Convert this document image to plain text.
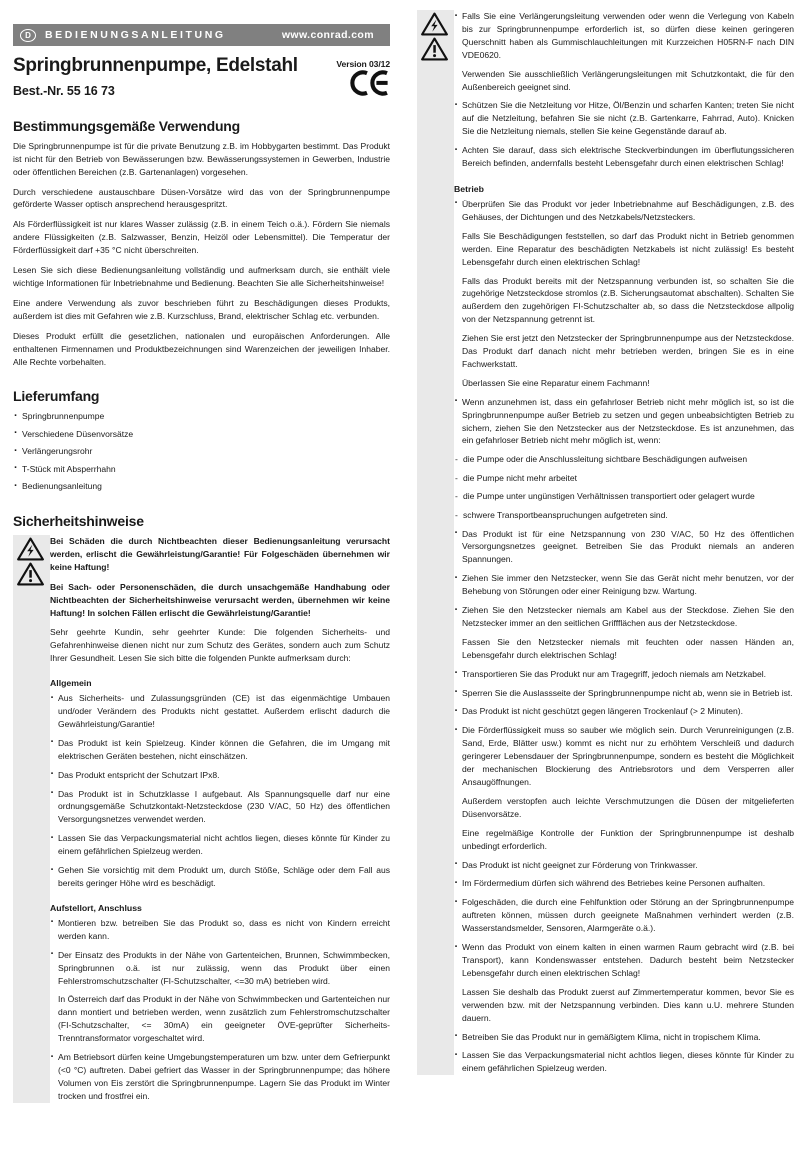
D	BEDIENUNGSANLEITUNG	www.conrad.com
Springbrunnenpumpe, Edelstahl
Best.-Nr. 55 16 73
Version 03/12
Bestimmungsgemäße Verwendung

Die Springbrunnenpumpe ist für die private Benutzung z.B. im Hobbygarten bestimmt. Das Produkt ist nicht für den Betrieb von Bewässerungen bzw. Bewässerungssystemen in Gewerben, Industrie oder öffentlichen Bereichen (z.B. Gartenanlagen) vorgesehen.

Durch verschiedene austauschbare Düsen-Vorsätze wird das von der Springbrunnenpumpe geförderte Wasser optisch ansprechend herausgespritzt.

Als Förderflüssigkeit ist nur klares Wasser zulässig (z.B. in einem Teich o.ä.). Fördern Sie niemals andere Flüssigkeiten (z.B. Salzwasser, Benzin, Heizöl oder Lebensmittel). Die Temperatur der Förderflüssigkeit darf +35 °C nicht überschreiten.

Lesen Sie sich diese Bedienungsanleitung vollständig und aufmerksam durch, sie enthält viele wichtige Informationen für Inbetriebnahme und Bedienung. Beachten Sie alle Sicherheitshinweise!

Eine andere Verwendung als zuvor beschrieben führt zu Beschädigungen dieses Produkts, außerdem ist dies mit Gefahren wie z.B. Kurzschluss, Brand, elektrischer Schlag etc. verbunden.

Dieses Produkt erfüllt die gesetzlichen, nationalen und europäischen Anforderungen. Alle enthaltenen Firmennamen und Produktbezeichnungen sind Warenzeichen der jeweiligen Inhaber. Alle Rechte vorbehalten.

Lieferumfang
· Springbrunnenpumpe
· Verschiedene Düsenvorsätze
· Verlängerungsrohr
· T-Stück mit Absperrhahn
· Bedienungsanleitung
Sicherheitshinweise

Bei Schäden die durch Nichtbeachten dieser Bedienungsanleitung verursacht werden, erlischt die Gewährleistung/Garantie! Für Folgeschäden übernehmen wir keine Haftung!

Bei Sach- oder Personenschäden, die durch unsachgemäße Handhabung oder Nichtbeachten der Sicherheitshinweise verursacht werden, übernehmen wir keine Haftung! In solchen Fällen erlischt die Gewährleistung/Garantie!

Sehr geehrte Kundin, sehr geehrter Kunde: Die folgenden Sicherheits- und Gefahrenhinweise dienen nicht nur zum Schutz des Gerätes, sondern auch zum Schutz Ihrer Gesundheit. Lesen Sie sich bitte die folgenden Punkte aufmerksam durch:

Allgemein
· Aus Sicherheits- und Zulassungsgründen (CE) ist das eigenmächtige Umbauen und/oder Verändern des Produkts nicht gestattet. Außerdem erlischt dadurch die Gewährleistung/Garantie!
· Das Produkt ist kein Spielzeug. Kinder können die Gefahren, die im Umgang mit elektrischen Geräten bestehen, nicht einschätzen.
· Das Produkt entspricht der Schutzart IPx8.
· Das Produkt ist in Schutzklasse I aufgebaut. Als Spannungsquelle darf nur eine ordnungsgemäße Schutzkontakt-Netzsteckdose (230 V/AC, 50 Hz) des öffentlichen Versorgungsnetzes verwendet werden.
· Lassen Sie das Verpackungsmaterial nicht achtlos liegen, dieses könnte für Kinder zu einem gefährlichen Spielzeug werden.
· Gehen Sie vorsichtig mit dem Produkt um, durch Stöße, Schläge oder dem Fall aus bereits geringer Höhe wird es beschädigt.
Aufstellort, Anschluss
· Montieren bzw. betreiben Sie das Produkt so, dass es nicht von Kindern erreicht werden kann.
· Der Einsatz des Produkts in der Nähe von Gartenteichen, Brunnen, Schwimmbecken, Springbrunnen o.ä. ist nur zulässig, wenn das Produkt über einen Fehlerstromschutzschalter (FI-Schutzschalter, <=30 mA) betrieben wird.
In Österreich darf das Produkt in der Nähe von Schwimmbecken und Gartenteichen nur dann montiert und betrieben werden, wenn zusätzlich zum Fehlerstromschutzschalter (FI-Schutzschalter, <= 30mA) ein geeigneter ÖVE-geprüfter Sicherheits-Trenntransformator vorgeschaltet wird.
· Am Betriebsort dürfen keine Umgebungstemperaturen um bzw. unter dem Gefrierpunkt (<0 °C) auftreten. Dabei gefriert das Wasser in der Springbrunnenpumpe; das höhere Volumen von Eis zerstört die Springbrunnenpumpe. Lagern Sie das Produkt im Winter trocken und frostfrei ein.
· Falls Sie eine Verlängerungsleitung verwenden oder wenn die Verlegung von Kabeln bis zur Springbrunnenpumpe erforderlich ist, so dürfen diese keinen geringeren Querschnitt haben als Gummischlauchleitungen mit Kurzzeichen H05RN-F nach DIN VDE0620.
Verwenden Sie ausschließlich Verlängerungsleitungen mit Schutzkontakt, die für den Außenbereich geeignet sind.
· Schützen Sie die Netzleitung vor Hitze, Öl/Benzin und scharfen Kanten; treten Sie nicht auf die Netzleitung, befahren Sie sie nicht (z.B. Gartenkarre, Fahrrad, Auto). Knicken Sie die Netzleitung niemals, stellen Sie keine Gegenstände darauf ab.
· Achten Sie darauf, dass sich elektrische Steckverbindungen im überflutungssicheren Bereich befinden, andernfalls besteht Lebensgefahr durch einen elektrischen Schlag!
Betrieb
· Überprüfen Sie das Produkt vor jeder Inbetriebnahme auf Beschädigungen, z.B. des Gehäuses, der Dichtungen und des Netzkabels/Netzsteckers.
Falls Sie Beschädigungen feststellen, so darf das Produkt nicht in Betrieb genommen werden. Eine Reparatur des beschädigten Netzkabels ist nicht zulässig! Es besteht Lebensgefahr durch einen elektrischen Schlag!
Falls das Produkt bereits mit der Netzspannung verbunden ist, so schalten Sie die zugehörige Netzsteckdose stromlos (z.B. Sicherungsautomat abschalten). Schalten Sie außerdem den zugehörigen FI-Schutzschalter ab, so dass die Netzsteckdose allpolig von der Netzspannung getrennt ist.
Ziehen Sie erst jetzt den Netzstecker der Springbrunnenpumpe aus der Netzsteckdose. Das Produkt darf danach nicht mehr betrieben werden, bringen Sie es in eine Fachwerkstatt.
Überlassen Sie eine Reparatur einem Fachmann!
· Wenn anzunehmen ist, dass ein gefahrloser Betrieb nicht mehr möglich ist, so ist die Springbrunnenpumpe außer Betrieb zu setzen und gegen unbeabsichtigten Betrieb zu sichern, ziehen Sie den Netzstecker aus der Netzsteckdose. Es ist anzunehmen, das ein gefahrloser Betrieb nicht mehr möglich ist, wenn:
- die Pumpe oder die Anschlussleitung sichtbare Beschädigungen aufweisen
- die Pumpe nicht mehr arbeitet
- die Pumpe unter ungünstigen Verhältnissen transportiert oder gelagert wurde
- schwere Transportbeanspruchungen aufgetreten sind.
· Das Produkt ist für eine Netzspannung von 230 V/AC, 50 Hz des öffentlichen Versorgungsnetzes geeignet. Betreiben Sie das Produkt niemals an anderen Spannungen.
· Ziehen Sie immer den Netzstecker, wenn Sie das Gerät nicht mehr benutzen, vor der Behebung von Störungen oder einer Reinigung bzw. Wartung.
· Ziehen Sie den Netzstecker niemals am Kabel aus der Steckdose. Ziehen Sie den Netzstecker immer an den seitlichen Griffflächen aus der Netzsteckdose.
Fassen Sie den Netzstecker niemals mit feuchten oder nassen Händen an, Lebensgefahr durch elektrischen Schlag!
· Transportieren Sie das Produkt nur am Tragegriff, jedoch niemals am Netzkabel.
· Sperren Sie die Auslassseite der Springbrunnenpumpe nicht ab, wenn sie in Betrieb ist.
· Das Produkt ist nicht geschützt gegen längeren Trockenlauf (> 2 Minuten).
· Die Förderflüssigkeit muss so sauber wie möglich sein. Durch Verunreinigungen (z.B. Sand, Erde, Blätter usw.) kommt es nicht nur zu erhöhtem Verschleiß und dadurch geringerer Lebensdauer der Springbrunnenpumpe, sondern es besteht die Möglichkeit der mechanischen Blockierung des Antriebsrotors und dem Versperren aller Ansaugöffnungen.
Außerdem verstopfen auch leichte Verschmutzungen die Düsen der mitgelieferten Düsenvorsätze.
Eine regelmäßige Kontrolle der Funktion der Springbrunnenpumpe ist deshalb unbedingt erforderlich.
· Das Produkt ist nicht geeignet zur Förderung von Trinkwasser.
· Im Fördermedium dürfen sich während des Betriebes keine Personen aufhalten.
· Folgeschäden, die durch eine Fehlfunktion oder Störung an der Springbrunnenpumpe auftreten können, müssen durch geeignete Maßnahmen verhindert werden (z.B. Wasserstandsmelder, Sensoren, Alarmgeräte o.ä.).
· Wenn das Produkt von einem kalten in einen warmen Raum gebracht wird (z.B. bei Transport), kann Kondenswasser entstehen. Dadurch besteht beim Netzstecker Lebensgefahr durch einen elektrischen Schlag!
Lassen Sie deshalb das Produkt zuerst auf Zimmertemperatur kommen, bevor Sie es verwenden bzw. mit der Netzspannung verbinden. Dies kann u.U. mehrere Stunden dauern.
· Betreiben Sie das Produkt nur in gemäßigtem Klima, nicht in tropischem Klima.
· Lassen Sie das Verpackungsmaterial nicht achtlos liegen, dieses könnte für Kinder zu einem gefährlichen Spielzeug werden.
